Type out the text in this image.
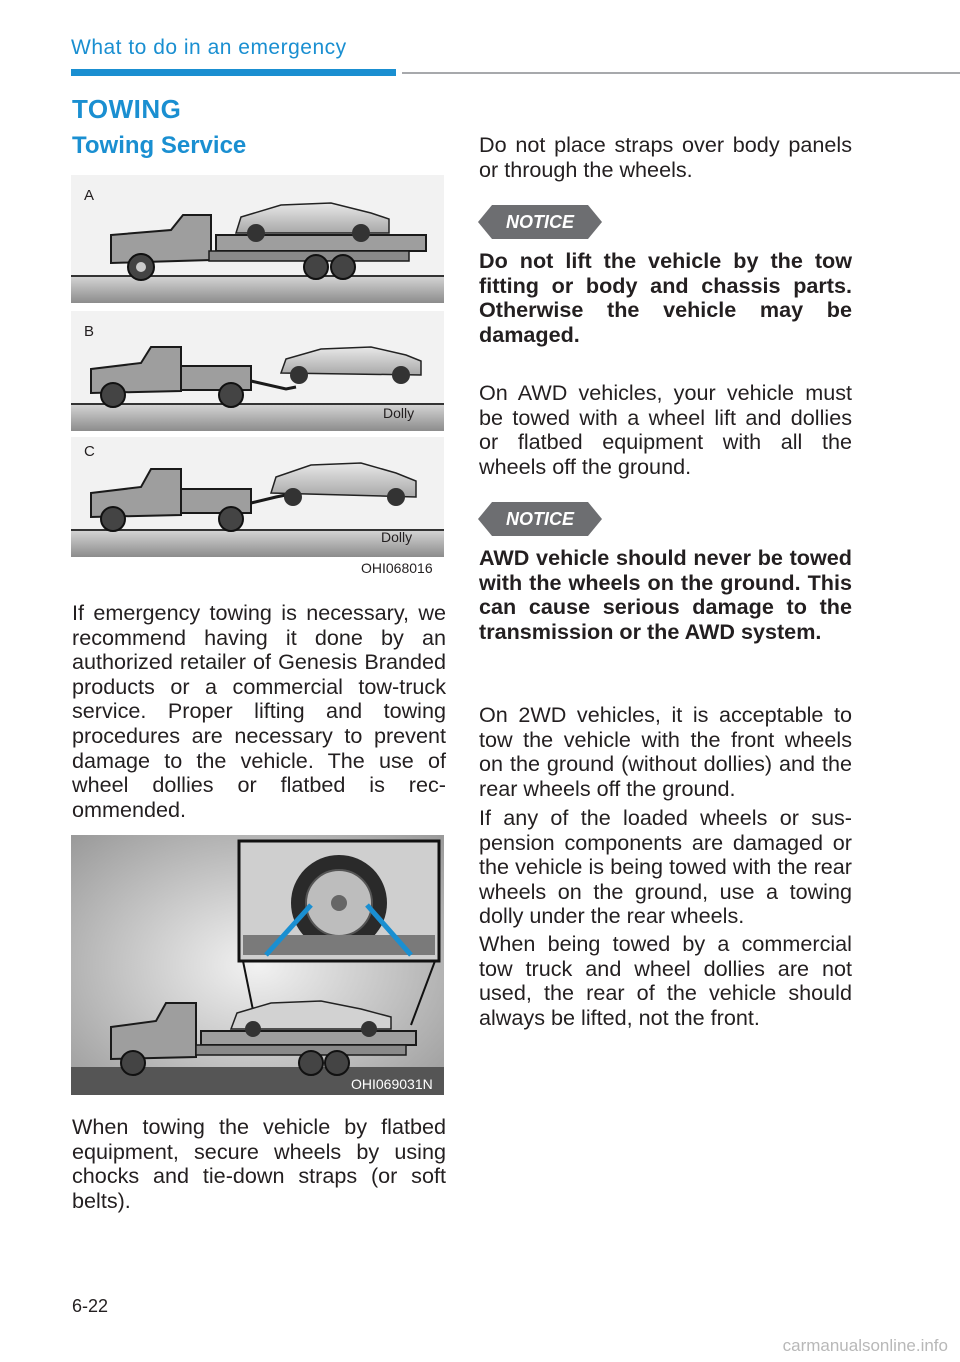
What to do in an emergency
TOWING
Towing Service
A
B
C
Dolly
Dolly
OHI068016
If emergency towing is necessary, we recommend having it done by an authorized retailer of Genesis Branded products or a commercial tow-truck service. Proper lifting and towing procedures are necessary to prevent damage to the vehicle. The use of wheel dollies or flatbed is rec-ommended.
OHI069031N
When towing the vehicle by flatbed equipment, secure wheels by using chocks and tie-down straps (or soft belts).
Do not place straps over body panels or through the wheels.
NOTICE
Do not lift the vehicle by the tow fitting or body and chassis parts. Otherwise the vehicle may be damaged.
On AWD vehicles, your vehicle must be towed with a wheel lift and dollies or flatbed equipment with all the wheels off the ground.
NOTICE
AWD vehicle should never be towed with the wheels on the ground. This can cause serious damage to the transmission or the AWD system.
On 2WD vehicles, it is acceptable to tow the vehicle with the front wheels on the ground (without dollies) and the rear wheels off the ground.
If any of the loaded wheels or sus-pension components are damaged or the vehicle is being towed with the rear wheels on the ground, use a towing dolly under the rear wheels.
When being towed by a commercial tow truck and wheel dollies are not used, the rear of the vehicle should always be lifted, not the front.
6-22
carmanualsonline.info
